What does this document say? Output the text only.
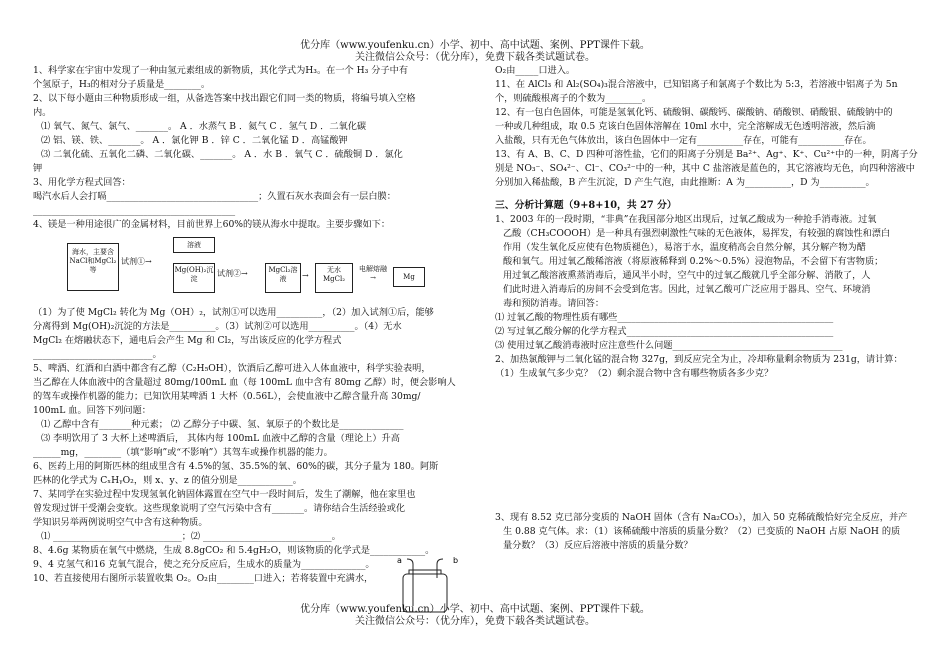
优分库（www.youfenku.cn）小学、初中、高中试题、案例、PPT课件下载。
关注微信公众号：（优分库），免费下载各类试题试卷。

1、科学家在宇宙中发现了一种由氢元素组成的新物质，其化学式为H₃。在一个 H₃ 分子中有

个氢原子，H₃的相对分子质量是________。

2、以下每小题由三种物质形成一组，从备选答案中找出跟它们同一类的物质，将编号填入空格

内。

⑴ 氧气、氮气、氯气、_______。 A ．水蒸气 B ．氦气 C ．氢气 D ．二氧化碳

⑵ 铝、镁、铁、_______。 A ．氯化钾 B ．锌 C ．二氧化锰 D ．高锰酸钾

⑶ 二氧化硫、五氧化二磷、二氧化碳、_______。 A ．水 B ．氧气 C ．硫酸铜 D ．氯化

钾

3、用化学方程式回答：

喝汽水后人会打嗝_________________________________；久置石灰水表面会有一层白膜：

____________________________________________

4、镁是一种用途很广的金属材料，目前世界上60%的镁从海水中提取。主要步骤如下：

海水，主要含NaCl和MgCl₂等
试剂①→
溶液
Mg(OH)₂沉淀
试剂②→	MgCl₂溶液	→
无水MgCl₂
电解熔融
→	Mg

（1）为了使 MgCl₂ 转化为 Mg（OH）₂，试剂①可以选用__________，（2）加入试剂①后，能够

分离得到 Mg(OH)₂沉淀的方法是__________。（3）试剂②可以选用__________。（4）无水

MgCl₂ 在熔融状态下，通电后会产生 Mg 和 Cl₂，写出该反应的化学方程式

__________________________。

5、啤酒、红酒和白酒中都含有乙醇（C₂H₅OH），饮酒后乙醇可进入人体血液中，科学实验表明，

当乙醇在人体血液中的含量超过 80mg/100mL 血（每 100mL 血中含有 80mg 乙醇）时，便会影响人

的驾车或操作机器的能力；已知饮用某啤酒 1 大杯（0.56L），会使血液中乙醇含量升高 30mg/

100mL 血。回答下列问题：

⑴ 乙醇中含有_______种元素； ⑵ 乙醇分子中碳、氢、氧原子的个数比是______________

⑶ 李明饮用了 3 大杯上述啤酒后， 其体内每 100mL 血液中乙醇的含量（理论上）升高

______mg，________（填“影响”或“不影响”）其驾车或操作机器的能力。

6、医药上用的阿斯匹林的组成里含有 4.5%的氢、35.5%的氧、60%的碳，其分子量为 180。阿斯

匹林的化学式为 CₓHᵧO₂，则 x、y、z 的值分别是____________。

7、某同学在实验过程中发现氢氧化钠固体露置在空气中一段时间后，发生了潮解，他在家里也

曾发现过饼干受潮会变软。这些现象说明了空气污染中含有_______。请你结合生活经验或化

学知识另举两例说明空气中含有这种物质。

⑴ ____________________________；⑵ ____________________________。

8、4.6g 某物质在氧气中燃烧，生成 8.8gCO₂ 和 5.4gH₂O，则该物质的化学式是____________。

9、4 克氢气和16 克氧气混合，使之充分反应后，生成水的质量为______________。

10、若直接使用右图所示装置收集 O₂。O₂由________口进入；若将装置中充满水，

a	b

O₂由_____口进入。

11、在 AlCl₃ 和 Al₂(SO₄)₃混合溶液中，已知铝离子和氯离子个数比为 5:3，若溶液中铝离子为 5n

个，则硫酸根离子的个数为________。

12、有一包白色固体，可能是氢氧化钙、硫酸铜、碳酸钙、碳酸钠、硝酸钡、硝酸银、硫酸钠中的

一种或几种组成，取 0.5 克该白色固体溶解在 10ml 水中，完全溶解成无色透明溶液，然后滴

入盐酸，只有无色气体放出，该白色固体中一定有__________存在，可能有__________存在。

13、有 A、B、C、D 四种可溶性盐，它们的阳离子分别是 Ba²⁺、Ag⁺、K⁺、Cu²⁺中的一种，阴离子分

别是 NO₃⁻、SO₄²⁻、Cl⁻、CO₃²⁻中的一种，其中 C 盐溶液是蓝色的，其它溶液均无色，向四种溶液中

分别加入稀盐酸，B 产生沉淀，D 产生气泡，由此推断：A 为__________，D 为__________。

三、分析计算题（9+8+10，共 27 分）

1、2003 年的一段时期，“非典”在我国部分地区出现后，过氧乙酸成为一种抢手消毒液。过氧

乙酸（CH₃COOOH）是一种具有强烈刺激性气味的无色液体，易挥发，有较强的腐蚀性和漂白

作用（发生氧化反应使有色物质褪色），易溶于水，温度稍高会自然分解，其分解产物为醋

酸和氧气。用过氧乙酸稀溶液（将原液稀释到 0.2%～0.5%）浸泡物品，不会留下有害物质；

用过氧乙酸溶液熏蒸消毒后，通风半小时，空气中的过氧乙酸就几乎全部分解、消散了，人

们此时进入消毒后的房间不会受到危害。因此，过氧乙酸可广泛应用于器具、空气、环境消

毒和预防消毒。请回答：

⑴ 过氧乙酸的物理性质有哪些_______________________________________________

⑵ 写过氧乙酸分解的化学方程式_____________________________________________

⑶ 使用过氧乙酸消毒液时应注意些什么问题_____________________________________

2、加热氯酸钾与二氧化锰的混合物 327g，到反应完全为止，冷却称量剩余物质为 231g，请计算：

（1）生成氧气多少克？（2）剩余混合物中含有哪些物质各多少克？

3、现有 8.52 克已部分变质的 NaOH 固体（含有 Na₂CO₃），加入 50 克稀硫酸恰好完全反应，并产

生 0.88 克气体。求：（1）该稀硫酸中溶质的质量分数？（2）已变质的 NaOH 占原 NaOH 的质

量分数？（3）反应后溶液中溶质的质量分数？

优分库（www.youfenku.cn）小学、初中、高中试题、案例、PPT课件下载。
关注微信公众号：（优分库），免费下载各类试题试卷。
